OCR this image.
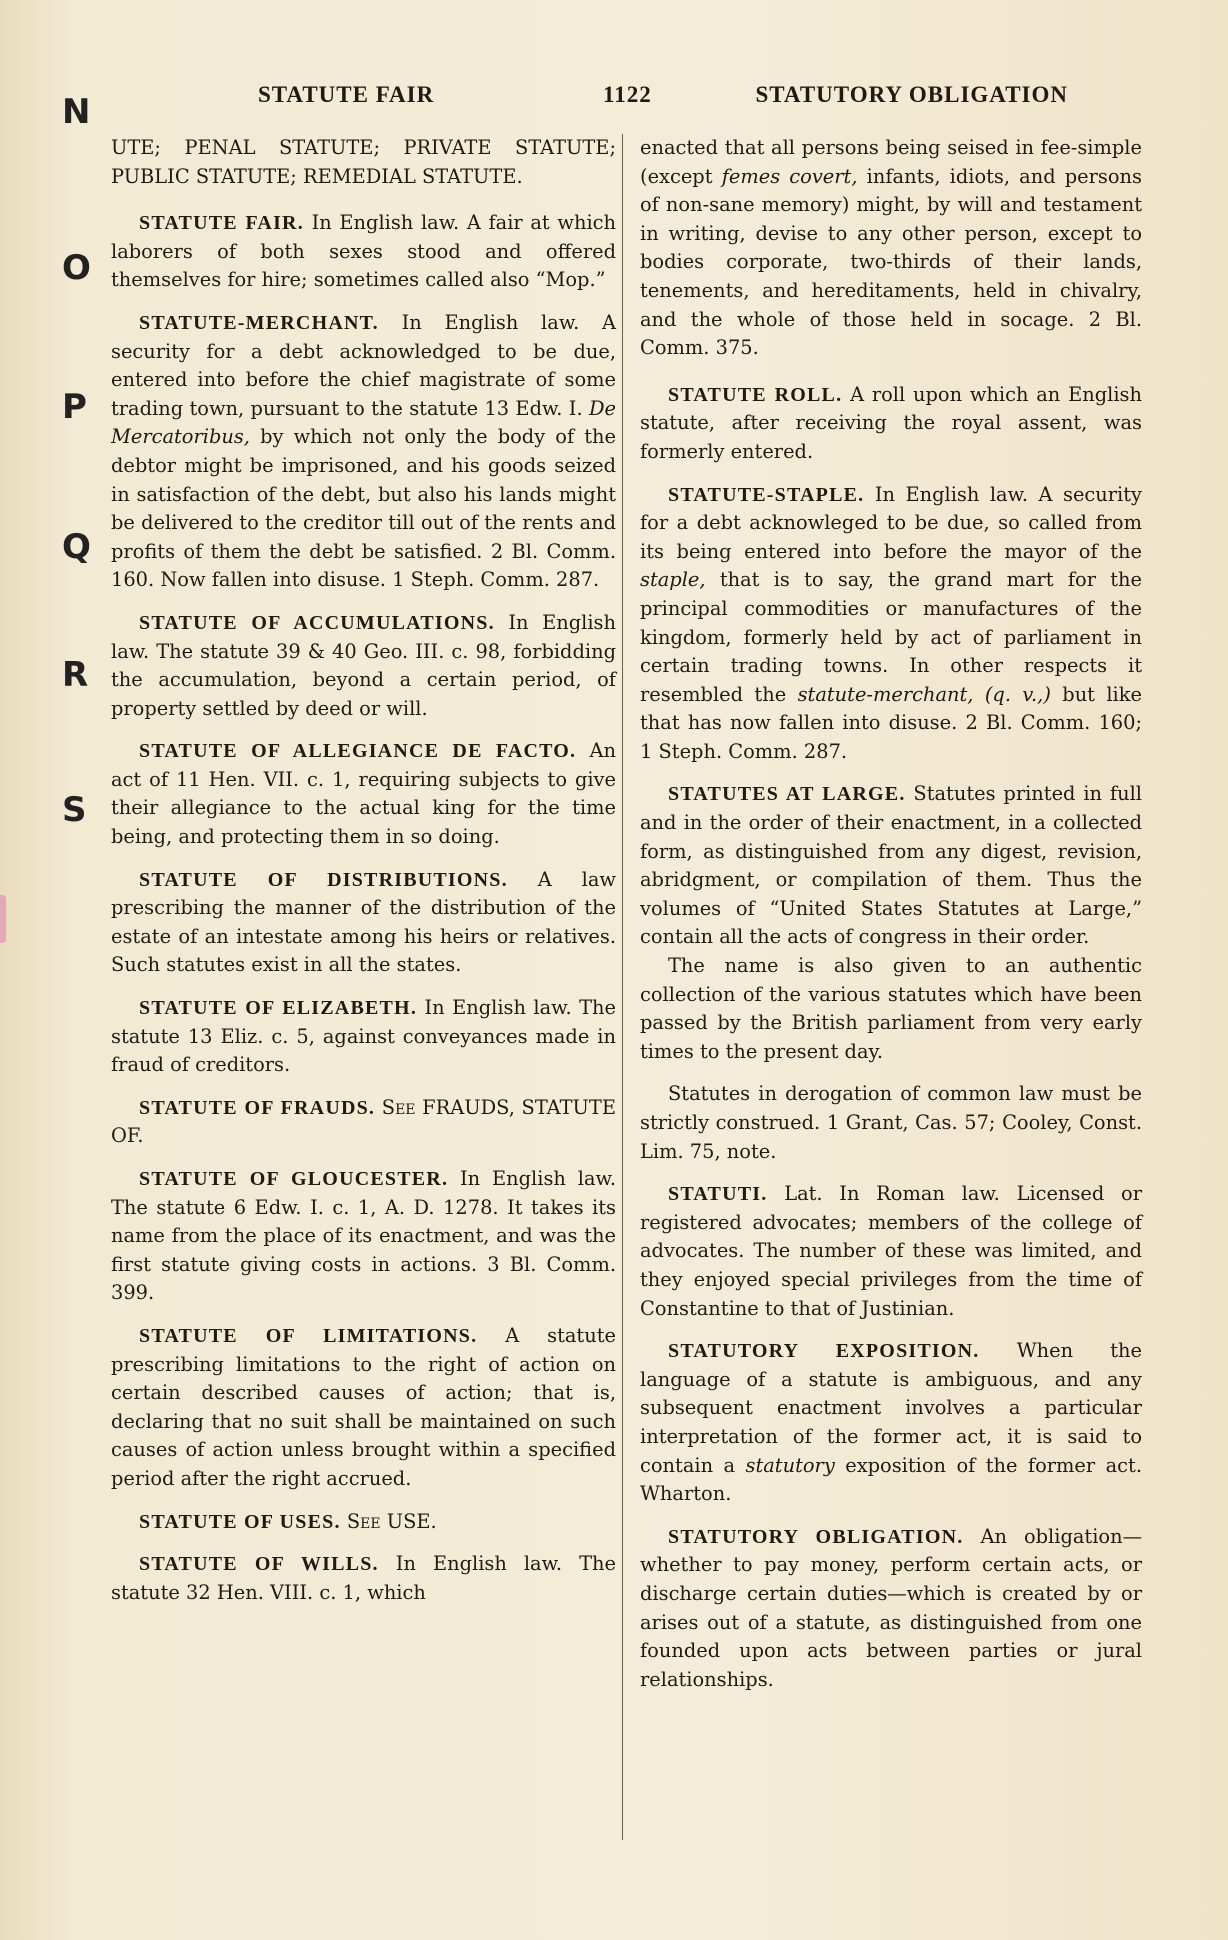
STATUTE FAIR	1122	STATUTORY OBLIGATION
N
O
P
Q
R
S

UTE; PENAL STATUTE; PRIVATE STATUTE; PUBLIC STATUTE; REMEDIAL STATUTE.

STATUTE FAIR. In English law. A fair at which laborers of both sexes stood and offered themselves for hire; sometimes called also “Mop.”

STATUTE-MERCHANT. In English law. A security for a debt acknowledged to be due, entered into before the chief magistrate of some trading town, pursuant to the statute 13 Edw. I. De Mercatoribus, by which not only the body of the debtor might be imprisoned, and his goods seized in satisfaction of the debt, but also his lands might be delivered to the creditor till out of the rents and profits of them the debt be satisfied. 2 Bl. Comm. 160. Now fallen into disuse. 1 Steph. Comm. 287.

STATUTE OF ACCUMULATIONS. In English law. The statute 39 & 40 Geo. III. c. 98, forbidding the accumulation, beyond a certain period, of property settled by deed or will.

STATUTE OF ALLEGIANCE DE FACTO. An act of 11 Hen. VII. c. 1, requiring subjects to give their allegiance to the actual king for the time being, and protecting them in so doing.

STATUTE OF DISTRIBUTIONS. A law prescribing the manner of the distribution of the estate of an intestate among his heirs or relatives. Such statutes exist in all the states.

STATUTE OF ELIZABETH. In English law. The statute 13 Eliz. c. 5, against conveyances made in fraud of creditors.

STATUTE OF FRAUDS. See FRAUDS, STATUTE OF.

STATUTE OF GLOUCESTER. In English law. The statute 6 Edw. I. c. 1, A. D. 1278. It takes its name from the place of its enactment, and was the first statute giving costs in actions. 3 Bl. Comm. 399.

STATUTE OF LIMITATIONS. A statute prescribing limitations to the right of action on certain described causes of action; that is, declaring that no suit shall be maintained on such causes of action unless brought within a specified period after the right accrued.

STATUTE OF USES. See USE.

STATUTE OF WILLS. In English law. The statute 32 Hen. VIII. c. 1, which

enacted that all persons being seised in fee-simple (except femes covert, infants, idiots, and persons of non-sane memory) might, by will and testament in writing, devise to any other person, except to bodies corporate, two-thirds of their lands, tenements, and hereditaments, held in chivalry, and the whole of those held in socage. 2 Bl. Comm. 375.

STATUTE ROLL. A roll upon which an English statute, after receiving the royal assent, was formerly entered.

STATUTE-STAPLE. In English law. A security for a debt acknowleged to be due, so called from its being entered into before the mayor of the staple, that is to say, the grand mart for the principal commodities or manufactures of the kingdom, formerly held by act of parliament in certain trading towns. In other respects it resembled the statute-merchant, (q. v.,) but like that has now fallen into disuse. 2 Bl. Comm. 160; 1 Steph. Comm. 287.

STATUTES AT LARGE. Statutes printed in full and in the order of their enactment, in a collected form, as distinguished from any digest, revision, abridgment, or compilation of them. Thus the volumes of “United States Statutes at Large,” contain all the acts of congress in their order.

The name is also given to an authentic collection of the various statutes which have been passed by the British parliament from very early times to the present day.

Statutes in derogation of common law must be strictly construed. 1 Grant, Cas. 57; Cooley, Const. Lim. 75, note.

STATUTI. Lat. In Roman law. Licensed or registered advocates; members of the college of advocates. The number of these was limited, and they enjoyed special privileges from the time of Constantine to that of Justinian.

STATUTORY EXPOSITION. When the language of a statute is ambiguous, and any subsequent enactment involves a particular interpretation of the former act, it is said to contain a statutory exposition of the former act. Wharton.

STATUTORY OBLIGATION. An obligation—whether to pay money, perform certain acts, or discharge certain duties—which is created by or arises out of a statute, as distinguished from one founded upon acts between parties or jural relationships.
